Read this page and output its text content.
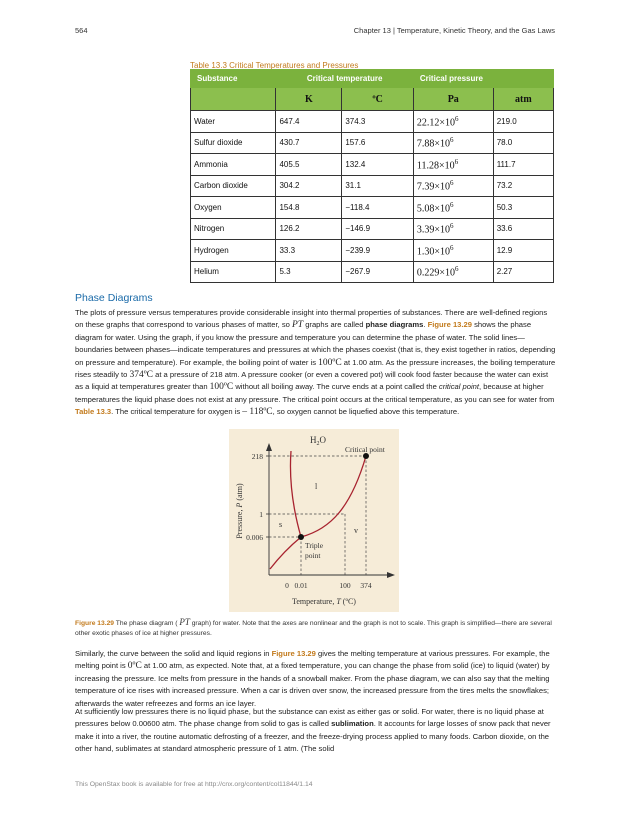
564	Chapter 13 | Temperature, Kinetic Theory, and the Gas Laws
Table 13.3 Critical Temperatures and Pressures
Substance	Critical temperature		Critical pressure	
	K	ºC	Pa	atm
Water	647.4	374.3	$22.12\times 10^6$	219.0
Sulfur dioxide	430.7	157.6	$7.88\times 10^6$	78.0
Ammonia	405.5	132.4	$11.28\times 10^6$	111.7
Carbon dioxide	304.2	31.1	$7.39\times 10^6$	73.2
Oxygen	154.8	−118.4	$5.08\times 10^6$	50.3
Nitrogen	126.2	−146.9	$3.39\times 10^6$	33.6
Hydrogen	33.3	−239.9	$1.30\times 10^6$	12.9
Helium	5.3	−267.9	$0.229\times 10^6$	2.27
Phase Diagrams

The plots of pressure versus temperatures provide considerable insight into thermal properties of substances. There are well-defined regions on these graphs that correspond to various phases of matter, so PT graphs are called phase diagrams. Figure 13.29 shows the phase diagram for water. Using the graph, if you know the pressure and temperature you can determine the phase of water. The solid lines—boundaries between phases—indicate temperatures and pressures at which the phases coexist (that is, they exist together in ratios, depending on pressure and temperature). For example, the boiling point of water is 100ºC at 1.00 atm. As the pressure increases, the boiling temperature rises steadily to 374ºC at a pressure of 218 atm. A pressure cooker (or even a covered pot) will cook food faster because the water can exist as a liquid at temperatures greater than 100ºC without all boiling away. The curve ends at a point called the critical point, because at higher temperatures the liquid phase does not exist at any pressure. The critical point occurs at the critical temperature, as you can see for water from Table 13.3. The critical temperature for oxygen is – 118ºC, so oxygen cannot be liquefied above this temperature.

$H_2O$
Critical point
Triple
point
l
s
v
218
1
0.006
0 0.01	100 374
Temperature, T (ºC)
Pressure, P (atm)

Figure 13.29 The phase diagram ( PT graph) for water. Note that the axes are nonlinear and the graph is not to scale. This graph is simplified—there are several other exotic phases of ice at higher pressures.

Similarly, the curve between the solid and liquid regions in Figure 13.29 gives the melting temperature at various pressures. For example, the melting point is 0ºC at 1.00 atm, as expected. Note that, at a fixed temperature, you can change the phase from solid (ice) to liquid (water) by increasing the pressure. Ice melts from pressure in the hands of a snowball maker. From the phase diagram, we can also say that the melting temperature of ice rises with increased pressure. When a car is driven over snow, the increased pressure from the tires melts the snowflakes; afterwards the water refreezes and forms an ice layer.

At sufficiently low pressures there is no liquid phase, but the substance can exist as either gas or solid. For water, there is no liquid phase at pressures below 0.00600 atm. The phase change from solid to gas is called sublimation. It accounts for large losses of snow pack that never make it into a river, the routine automatic defrosting of a freezer, and the freeze-drying process applied to many foods. Carbon dioxide, on the other hand, sublimates at standard atmospheric pressure of 1 atm. (The solid

This OpenStax book is available for free at http://cnx.org/content/col11844/1.14
